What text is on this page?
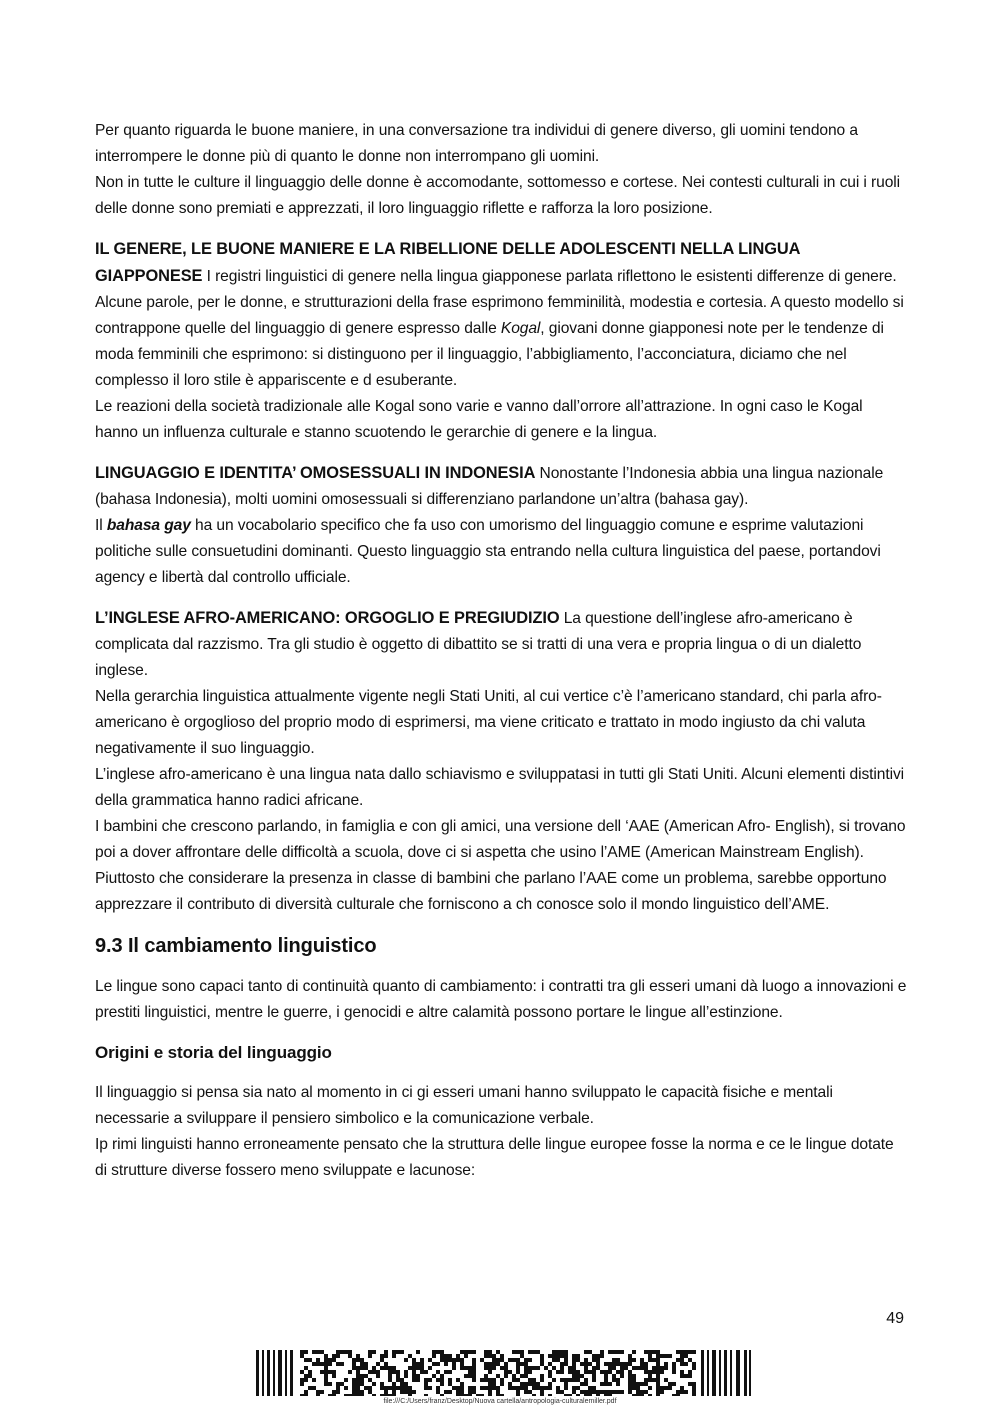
Per quanto riguarda le buone maniere, in una conversazione tra individui di genere diverso, gli uomini tendono a interrompere le donne più di quanto le donne non interrompano gli uomini.

Non in tutte le culture il linguaggio delle donne è accomodante, sottomesso e cortese. Nei contesti culturali in cui i ruoli delle donne sono premiati e apprezzati, il loro linguaggio riflette e rafforza la loro posizione.

IL GENERE, LE BUONE MANIERE E LA RIBELLIONE DELLE ADOLESCENTI NELLA LINGUA GIAPPONESE I registri linguistici di genere nella lingua giapponese parlata riflettono le esistenti differenze di genere. Alcune parole, per le donne, e strutturazioni della frase esprimono femminilità, modestia e cortesia. A questo modello si contrappone quelle del linguaggio di genere espresso dalle Kogal, giovani donne giapponesi note per le tendenze di moda femminili che esprimono: si distinguono per il linguaggio, l’abbigliamento, l’acconciatura, diciamo che nel complesso il loro stile è appariscente e d esuberante.

Le reazioni della società tradizionale alle Kogal sono varie e vanno dall’orrore all’attrazione. In ogni caso le Kogal hanno un influenza culturale e stanno scuotendo le gerarchie di genere e la lingua.

LINGUAGGIO E IDENTITA’ OMOSESSUALI IN INDONESIA Nonostante l’Indonesia abbia una lingua nazionale (bahasa Indonesia), molti uomini omosessuali si differenziano parlandone un’altra (bahasa gay).

Il bahasa gay ha un vocabolario specifico che fa uso con umorismo del linguaggio comune e esprime valutazioni politiche sulle consuetudini dominanti. Questo linguaggio sta entrando nella cultura linguistica del paese, portandovi agency e libertà dal controllo ufficiale.

L’INGLESE AFRO-AMERICANO: ORGOGLIO E PREGIUDIZIO La questione dell’inglese afro-americano è complicata dal razzismo. Tra gli studio è oggetto di dibattito se si tratti di una vera e propria lingua o di un dialetto inglese.

Nella gerarchia linguistica attualmente vigente negli Stati Uniti, al cui vertice c’è l’americano standard, chi parla afro-americano è orgoglioso del proprio modo di esprimersi, ma viene criticato e trattato in modo ingiusto da chi valuta negativamente il suo linguaggio.

L’inglese afro-americano è una lingua nata dallo schiavismo e sviluppatasi in tutti gli Stati Uniti. Alcuni elementi distintivi della grammatica hanno radici africane.

I bambini che crescono parlando, in famiglia e con gli amici, una versione dell ‘AAE (American Afro- English), si trovano poi a dover affrontare delle difficoltà a scuola, dove ci si aspetta che usino l’AME (American Mainstream English). Piuttosto che considerare la presenza in classe di bambini che parlano l’AAE come un problema, sarebbe opportuno apprezzare il contributo di diversità culturale che forniscono a ch conosce solo il mondo linguistico dell’AME.

9.3 Il cambiamento linguistico

Le lingue sono capaci tanto di continuità quanto di cambiamento: i contratti tra gli esseri umani dà luogo a innovazioni e prestiti linguistici, mentre le guerre, i genocidi e altre calamità possono portare le lingue all’estinzione.

Origini e storia del linguaggio

Il linguaggio si pensa sia nato al momento in ci gi esseri umani hanno sviluppato le capacità fisiche e mentali necessarie a sviluppare il pensiero simbolico e la comunicazione verbale.

Ip rimi linguisti hanno erroneamente pensato che la struttura delle lingue europee fosse la norma e ce le lingue dotate di strutture diverse fossero meno sviluppate e lacunose:

49
file:///C:/Users/franz/Desktop/Nuova cartella/antropologia-culturalemiller.pdf
